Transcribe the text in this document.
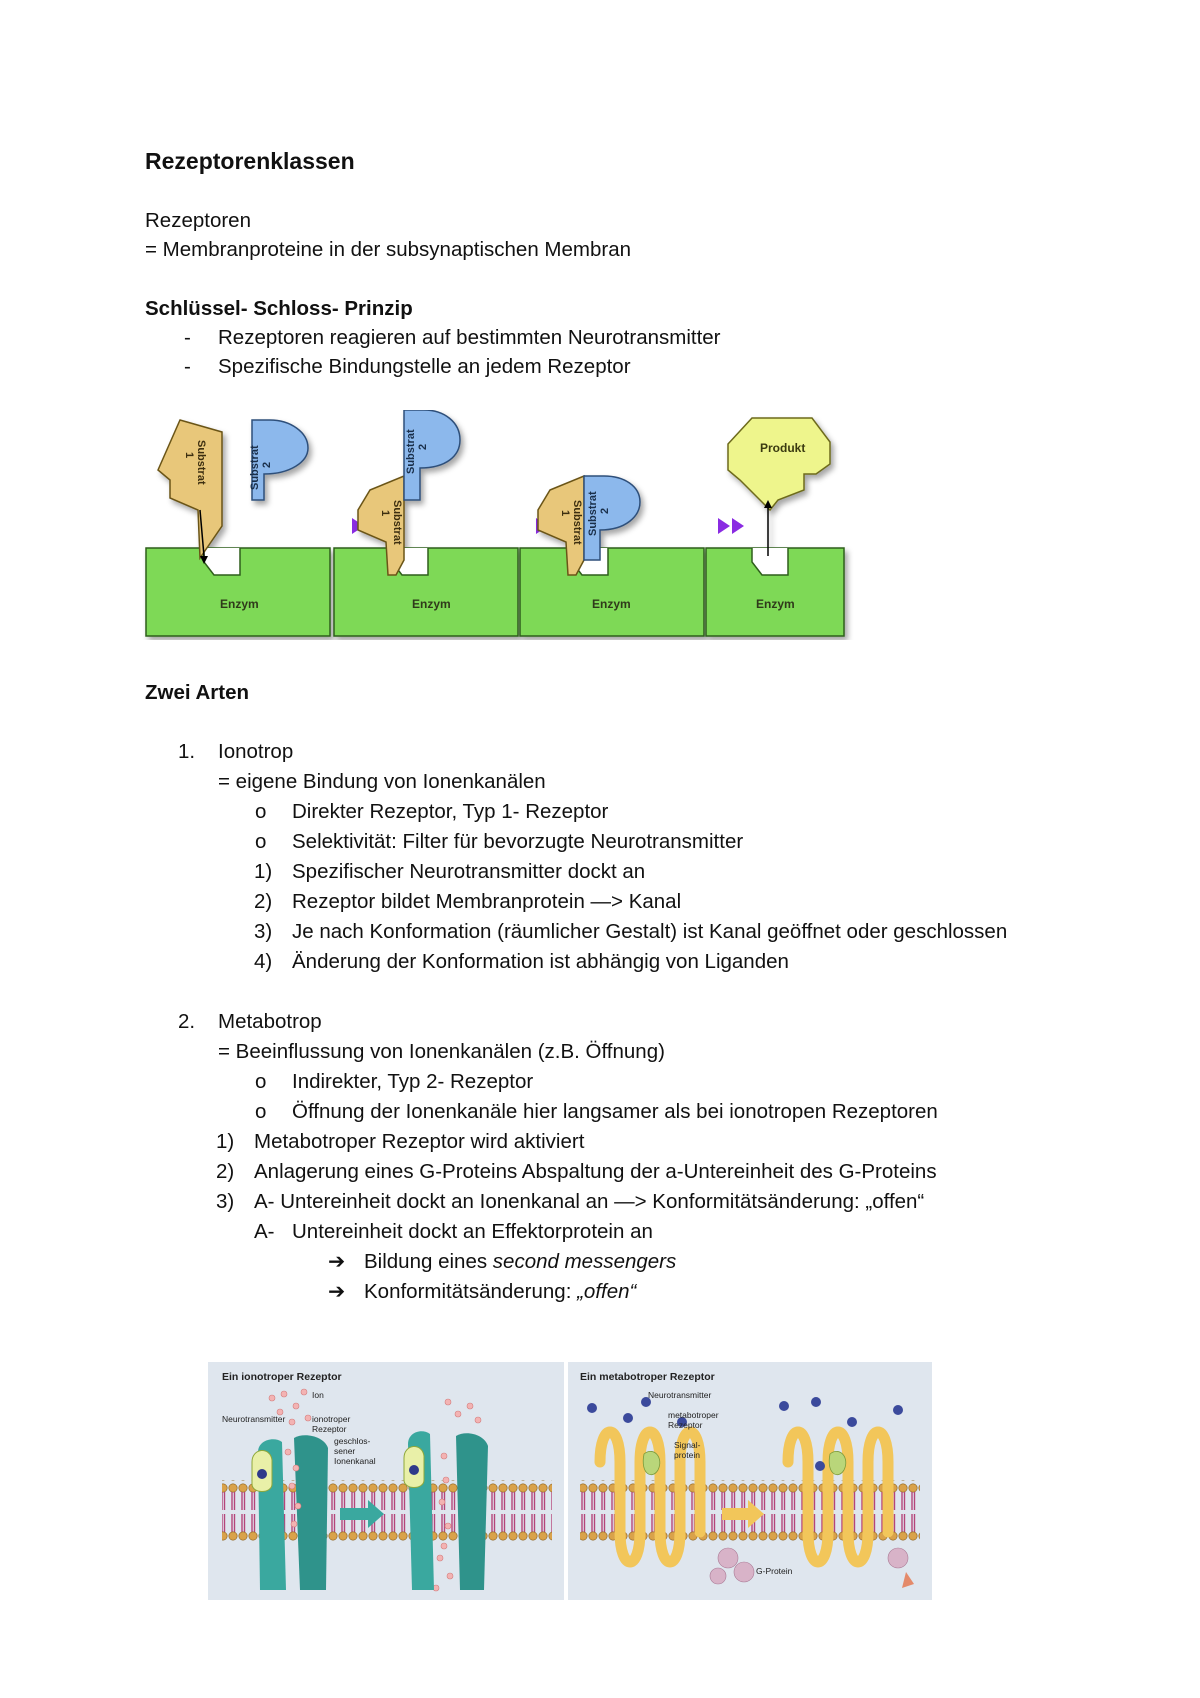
Rezeptorenklassen
Rezeptoren
= Membranproteine in der subsynaptischen Membran
Schlüssel- Schloss- Prinzip
- Rezeptoren reagieren auf bestimmten Neurotransmitter
- Spezifische Bindungstelle an jedem Rezeptor
Enzym
Substrat
1	Substrat 2
Enzym
Substrat
1
Substrat 2
Enzym
Substrat
1 Substrat 2
Enzym
Produkt
Zwei Arten
1. Ionotrop
= eigene Bindung von Ionenkanälen
o Direkter Rezeptor, Typ 1- Rezeptor
o Selektivität: Filter für bevorzugte Neurotransmitter
1) Spezifischer Neurotransmitter dockt an
2) Rezeptor bildet Membranprotein —> Kanal
3) Je nach Konformation (räumlicher Gestalt) ist Kanal geöffnet oder geschlossen
4) Änderung der Konformation ist abhängig von Liganden
2. Metabotrop
= Beeinflussung von Ionenkanälen (z.B. Öffnung)
o Indirekter, Typ 2- Rezeptor
o Öffnung der Ionenkanäle hier langsamer als bei ionotropen Rezeptoren
1) Metabotroper Rezeptor wird aktiviert
2) Anlagerung eines G-Proteins Abspaltung der a-Untereinheit des G-Proteins
3) A- Untereinheit dockt an Ionenkanal an —> Konformitätsänderung: „offen“
A- Untereinheit dockt an Effektorprotein an
➔ Bildung eines second messengers
➔ Konformitätsänderung: „offen“
Ein ionotroper Rezeptor
Ion
Neurotransmitter	ionotroper
Rezeptor
geschlos-
sener
Ionenkanal
Ein metabotroper Rezeptor
Neurotransmitter
metabotroper
Rezeptor
Signal-
protein
G-Protein
